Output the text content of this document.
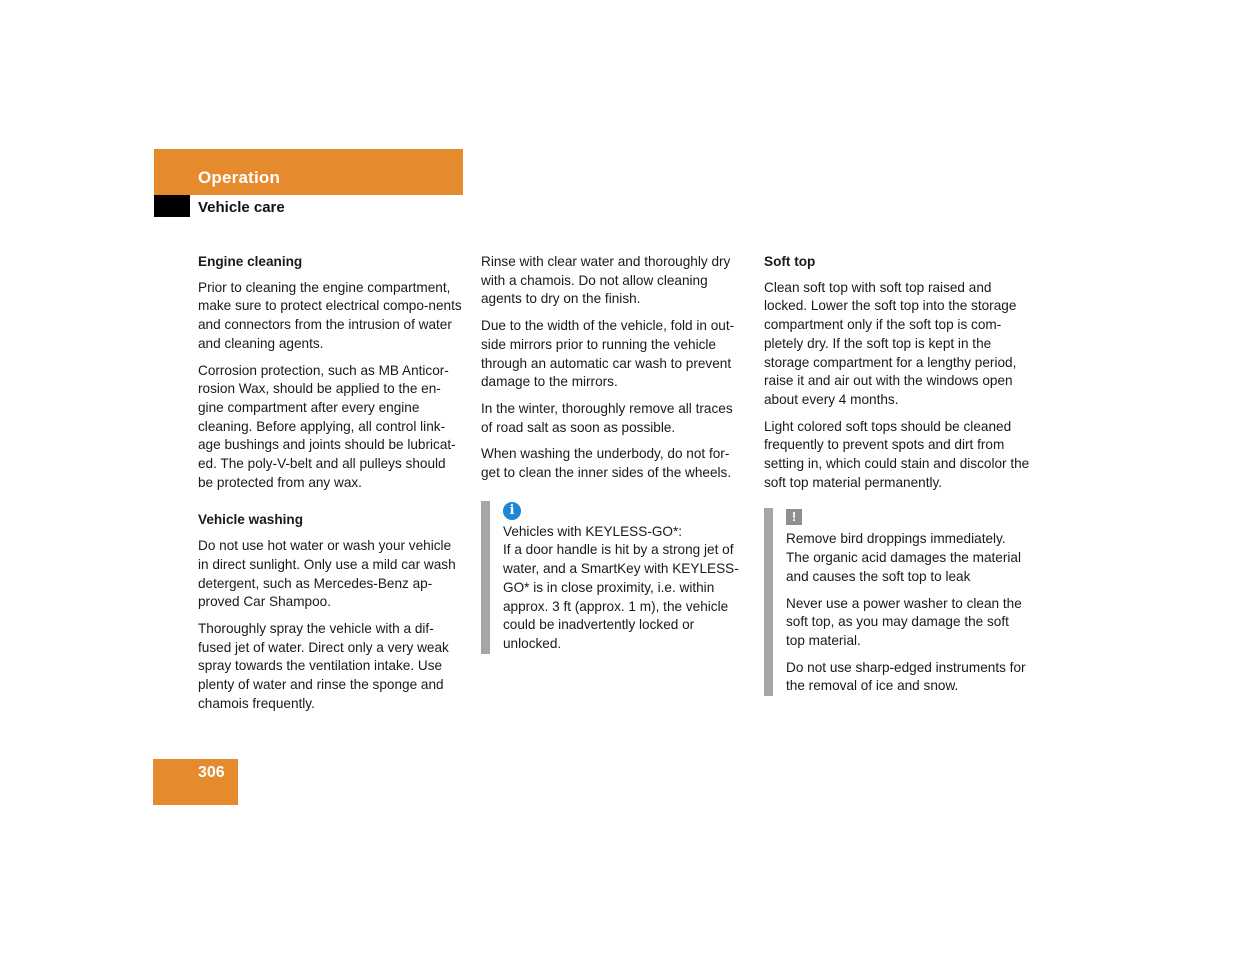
Operation
Vehicle care
Engine cleaning

Prior to cleaning the engine compartment, make sure to protect electrical compo-nents and connectors from the intrusion of water and cleaning agents.

Corrosion protection, such as MB Anticor-rosion Wax, should be applied to the en-gine compartment after every engine cleaning. Before applying, all control link-age bushings and joints should be lubricat-ed. The poly-V-belt and all pulleys should be protected from any wax.

Vehicle washing

Do not use hot water or wash your vehicle in direct sunlight. Only use a mild car wash detergent, such as Mercedes-Benz ap-proved Car Shampoo.

Thoroughly spray the vehicle with a dif-fused jet of water. Direct only a very weak spray towards the ventilation intake. Use plenty of water and rinse the sponge and chamois frequently.

Rinse with clear water and thoroughly dry with a chamois. Do not allow cleaning agents to dry on the finish.

Due to the width of the vehicle, fold in out-side mirrors prior to running the vehicle through an automatic car wash to prevent damage to the mirrors.

In the winter, thoroughly remove all traces of road salt as soon as possible.

When washing the underbody, do not for-get to clean the inner sides of the wheels.

i
Vehicles with KEYLESS-GO*:
If a door handle is hit by a strong jet of water, and a SmartKey with KEYLESS-GO* is in close proximity, i.e. within approx. 3 ft (approx. 1 m), the vehicle could be inadvertently locked or unlocked.
Soft top

Clean soft top with soft top raised and locked. Lower the soft top into the storage compartment only if the soft top is com-pletely dry. If the soft top is kept in the storage compartment for a lengthy period, raise it and air out with the windows open about every 4 months.

Light colored soft tops should be cleaned frequently to prevent spots and dirt from setting in, which could stain and discolor the soft top material permanently.

!

Remove bird droppings immediately. The organic acid damages the material and causes the soft top to leak

Never use a power washer to clean the soft top, as you may damage the soft top material.

Do not use sharp-edged instruments for the removal of ice and snow.

306
